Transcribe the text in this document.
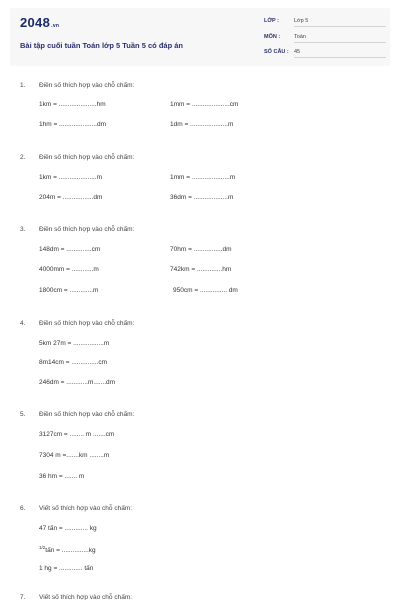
2048.vn
Bài tập cuối tuần Toán lớp 5 Tuần 5 có đáp án
LỚP :	Lớp 5
MÔN :	Toán
SỐ CÂU : 45
1. Điền số thích hợp vào chỗ chấm:
1km = .....................hm	1mm = .....................cm
1hm = .....................dm	1dm = .....................m
2. Điền số thích hợp vào chỗ chấm:
1km = .....................m	1mm = .....................m
204m = .................dm	36dm = ...................m
3. Điền số thích hợp vào chỗ chấm:
148dm = ..............cm	70hm = ................dm
4000mm = ............m	742km = ..............hm
1800cm = .............m	950cm = ............... dm
4. Điền số thích hợp vào chỗ chấm:
5km 27m = .................m
8m14cm = ...............cm
246dm = ............m.......dm
5. Điền số thích hợp vào chỗ chấm:
3127cm = ........ m .......cm
7304 m =.......km ........m
36 hm = ....... m
6. Viết số thích hợp vào chỗ chấm:
47 tấn = ............. kg
$^{1/2}$tấn = ...............kg
1 hg = ............. tấn
7. Viết số thích hợp vào chỗ chấm:
